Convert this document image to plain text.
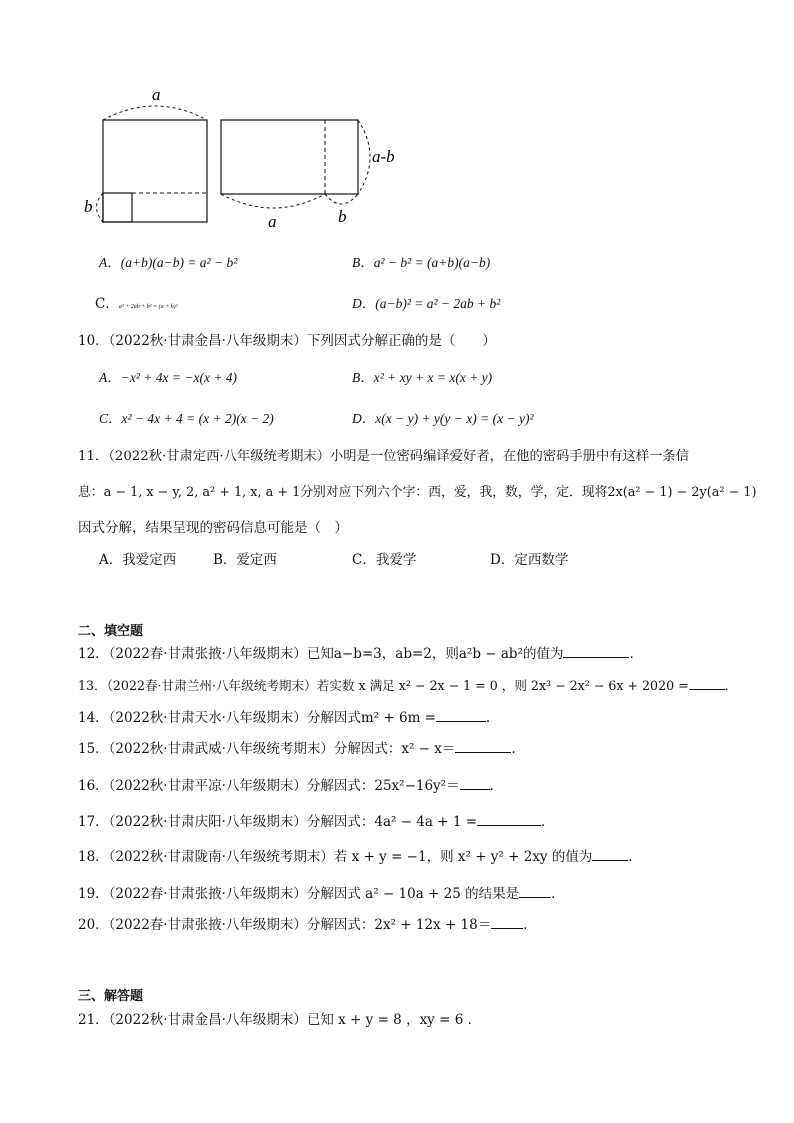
a
b
a-b
a	b
A．(a+b)(a−b) = a² − b²	B．a² − b² = (a+b)(a−b)
C．a² + 2ab + b² = (a + b)²	D．(a−b)² = a² − 2ab + b²
10．（2022秋·甘肃金昌·八年级期末）下列因式分解正确的是（　　）
A．−x² + 4x = −x(x + 4)	B．x² + xy + x = x(x + y)
C．x² − 4x + 4 = (x + 2)(x − 2)	D．x(x − y) + y(y − x) = (x − y)²
11．（2022秋·甘肃定西·八年级统考期末）小明是一位密码编译爱好者，在他的密码手册中有这样一条信
息：a − 1, x − y, 2, a² + 1, x, a + 1分别对应下列六个字：西，爱，我，数，学，定．现将2x(a² − 1) − 2y(a² − 1)
因式分解，结果呈现的密码信息可能是（　）
A．我爱定西	B．爱定西	C．我爱学	D．定西数学
二、填空题
12．（2022春·甘肃张掖·八年级期末）已知a−b=3，ab=2，则a²b − ab²的值为	．
13．（2022春·甘肃兰州·八年级统考期末）若实数 x 满足 x² − 2x − 1 = 0 ，则 2x³ − 2x² − 6x + 2020 =	．
14．（2022秋·甘肃天水·八年级期末）分解因式m² + 6m =	．
15．（2022秋·甘肃武威·八年级统考期末）分解因式：x² − x＝	.
16．（2022秋·甘肃平凉·八年级期末）分解因式：25x²−16y²＝ ．
17．（2022秋·甘肃庆阳·八年级期末）分解因式：4a² − 4a + 1 =	．
18．（2022秋·甘肃陇南·八年级统考期末）若 x + y = −1，则 x² + y² + 2xy 的值为	．
19．（2022春·甘肃张掖·八年级期末）分解因式 a² − 10a + 25 的结果是 ．
20．（2022春·甘肃张掖·八年级期末）分解因式：2x² + 12x + 18＝ ．
三、解答题
21．（2022秋·甘肃金昌·八年级期末）已知 x + y = 8 ，xy = 6 ．
